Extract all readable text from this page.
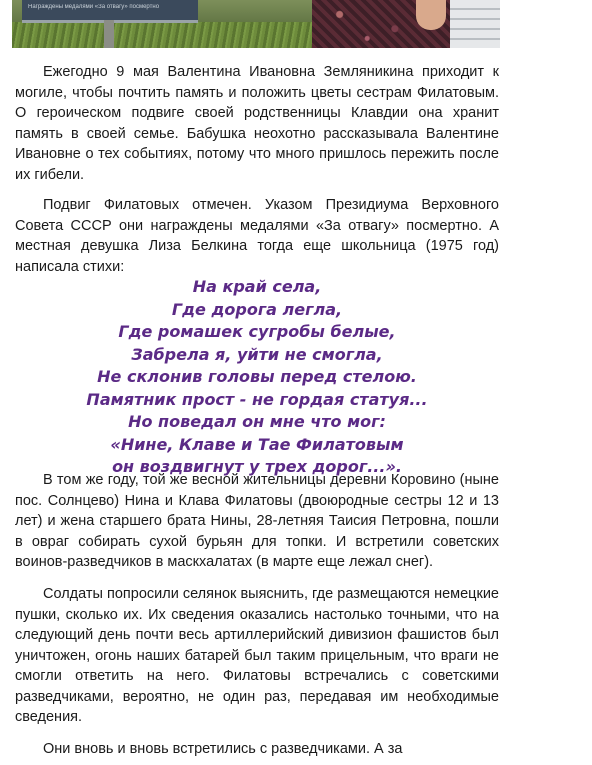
Награждены медалями «За отвагу» посмертно

Ежегодно 9 мая Валентина Ивановна Земляникина приходит к могиле, чтобы почтить память и положить цветы сестрам Филатовым. О героическом подвиге своей родственницы Клавдии она хранит память в своей семье. Бабушка неохотно рассказывала Валентине Ивановне о тех событиях, потому что много пришлось пережить после их гибели.

Подвиг Филатовых отмечен. Указом Президиума Верховного Совета СССР они награждены медалями «За отвагу» посмертно. А местная девушка Лиза Белкина тогда еще школьница (1975 год) написала стихи:

На край села,
Где дорога легла,
Где ромашек сугробы белые,
Забрела я, уйти не смогла,
Не склонив головы перед стелою.
Памятник прост - не гордая статуя...
Но поведал он мне что мог:
«Нине, Клаве и Тае Филатовым
он воздвигнут у трех дорог...».

В том же году, той же весной жительницы деревни Коровино (ныне пос. Солнцево) Нина и Клава Филатовы (двоюродные сестры 12 и 13 лет) и жена старшего брата Нины, 28-летняя Таисия Петровна, пошли в овраг собирать сухой бурьян для топки. И встретили советских воинов-разведчиков в маскхалатах (в марте еще лежал снег).

Солдаты попросили селянок выяснить, где размещаются немецкие пушки, сколько их. Их сведения оказались настолько точными, что на следующий день почти весь артиллерийский дивизион фашистов был уничтожен, огонь наших батарей был таким прицельным, что враги не смогли ответить на него. Филатовы встречались с советскими разведчиками, вероятно, не один раз, передавая им необходимые сведения.

Они вновь и вновь встретились с разведчиками. А за
